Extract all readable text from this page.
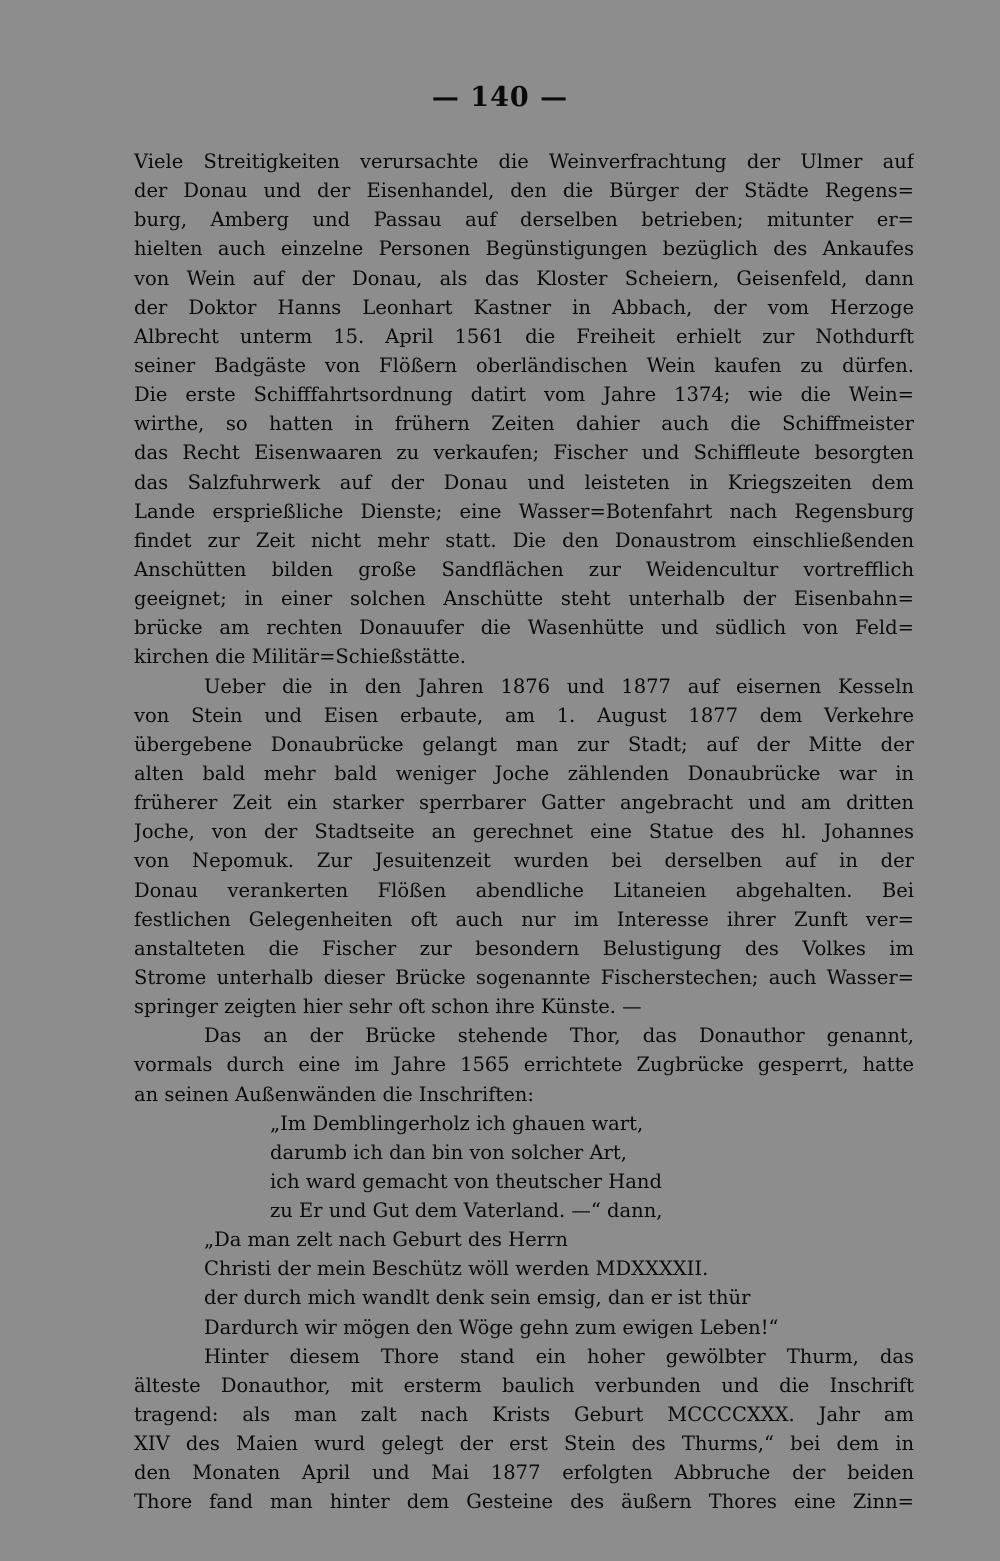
— 140 —
Viele Streitigkeiten verursachte die Weinverfrachtung der Ulmer auf
der Donau und der Eisenhandel, den die Bürger der Städte Regens=
burg, Amberg und Passau auf derselben betrieben; mitunter er=
hielten auch einzelne Personen Begünstigungen bezüglich des Ankaufes
von Wein auf der Donau, als das Kloster Scheiern, Geisenfeld, dann
der Doktor Hanns Leonhart Kastner in Abbach, der vom Herzoge
Albrecht unterm 15. April 1561 die Freiheit erhielt zur Nothdurft
seiner Badgäste von Flößern oberländischen Wein kaufen zu dürfen.
Die erste Schifffahrtsordnung datirt vom Jahre 1374; wie die Wein=
wirthe, so hatten in frühern Zeiten dahier auch die Schiffmeister
das Recht Eisenwaaren zu verkaufen; Fischer und Schiffleute besorgten
das Salzfuhrwerk auf der Donau und leisteten in Kriegszeiten dem
Lande ersprießliche Dienste; eine Wasser=Botenfahrt nach Regensburg
findet zur Zeit nicht mehr statt. Die den Donaustrom einschließenden
Anschütten bilden große Sandflächen zur Weidencultur vortrefflich
geeignet; in einer solchen Anschütte steht unterhalb der Eisenbahn=
brücke am rechten Donauufer die Wasenhütte und südlich von Feld=
kirchen die Militär=Schießstätte.
Ueber die in den Jahren 1876 und 1877 auf eisernen Kesseln
von Stein und Eisen erbaute, am 1. August 1877 dem Verkehre
übergebene Donaubrücke gelangt man zur Stadt; auf der Mitte der
alten bald mehr bald weniger Joche zählenden Donaubrücke war in
früherer Zeit ein starker sperrbarer Gatter angebracht und am dritten
Joche, von der Stadtseite an gerechnet eine Statue des hl. Johannes
von Nepomuk. Zur Jesuitenzeit wurden bei derselben auf in der
Donau verankerten Flößen abendliche Litaneien abgehalten. Bei
festlichen Gelegenheiten oft auch nur im Interesse ihrer Zunft ver=
anstalteten die Fischer zur besondern Belustigung des Volkes im
Strome unterhalb dieser Brücke sogenannte Fischerstechen; auch Wasser=
springer zeigten hier sehr oft schon ihre Künste. —
Das an der Brücke stehende Thor, das Donauthor genannt,
vormals durch eine im Jahre 1565 errichtete Zugbrücke gesperrt, hatte
an seinen Außenwänden die Inschriften:
„Im Demblingerholz ich ghauen wart,
darumb ich dan bin von solcher Art,
ich ward gemacht von theutscher Hand
zu Er und Gut dem Vaterland. —“ dann,
„Da man zelt nach Geburt des Herrn
Christi der mein Beschütz wöll werden MDXXXXII.
der durch mich wandlt denk sein emsig, dan er ist thür
Dardurch wir mögen den Wöge gehn zum ewigen Leben!“
Hinter diesem Thore stand ein hoher gewölbter Thurm, das
älteste Donauthor, mit ersterm baulich verbunden und die Inschrift
tragend: als man zalt nach Krists Geburt MCCCCXXX. Jahr am
XIV des Maien wurd gelegt der erst Stein des Thurms,“ bei dem in
den Monaten April und Mai 1877 erfolgten Abbruche der beiden
Thore fand man hinter dem Gesteine des äußern Thores eine Zinn=
